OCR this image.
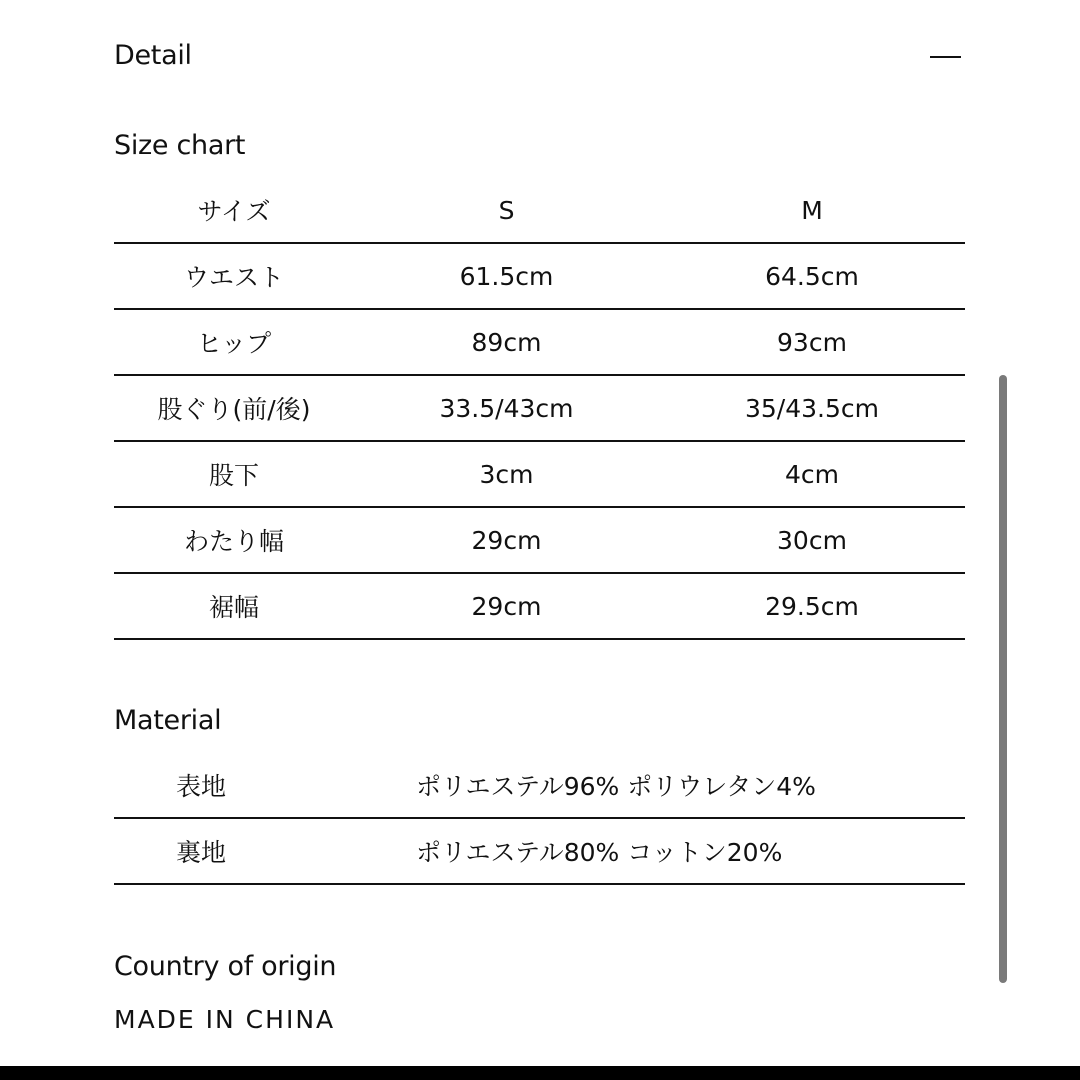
Detail
Size chart
サイズ	S	M
ウエスト	61.5cm	64.5cm
ヒップ	89cm	93cm
股ぐり(前/後)	33.5/43cm	35/43.5cm
股下	3cm	4cm
わたり幅	29cm	30cm
裾幅	29cm	29.5cm
Material
表地	ポリエステル96% ポリウレタン4%
裏地	ポリエステル80% コットン20%
Country of origin
MADE IN CHINA
